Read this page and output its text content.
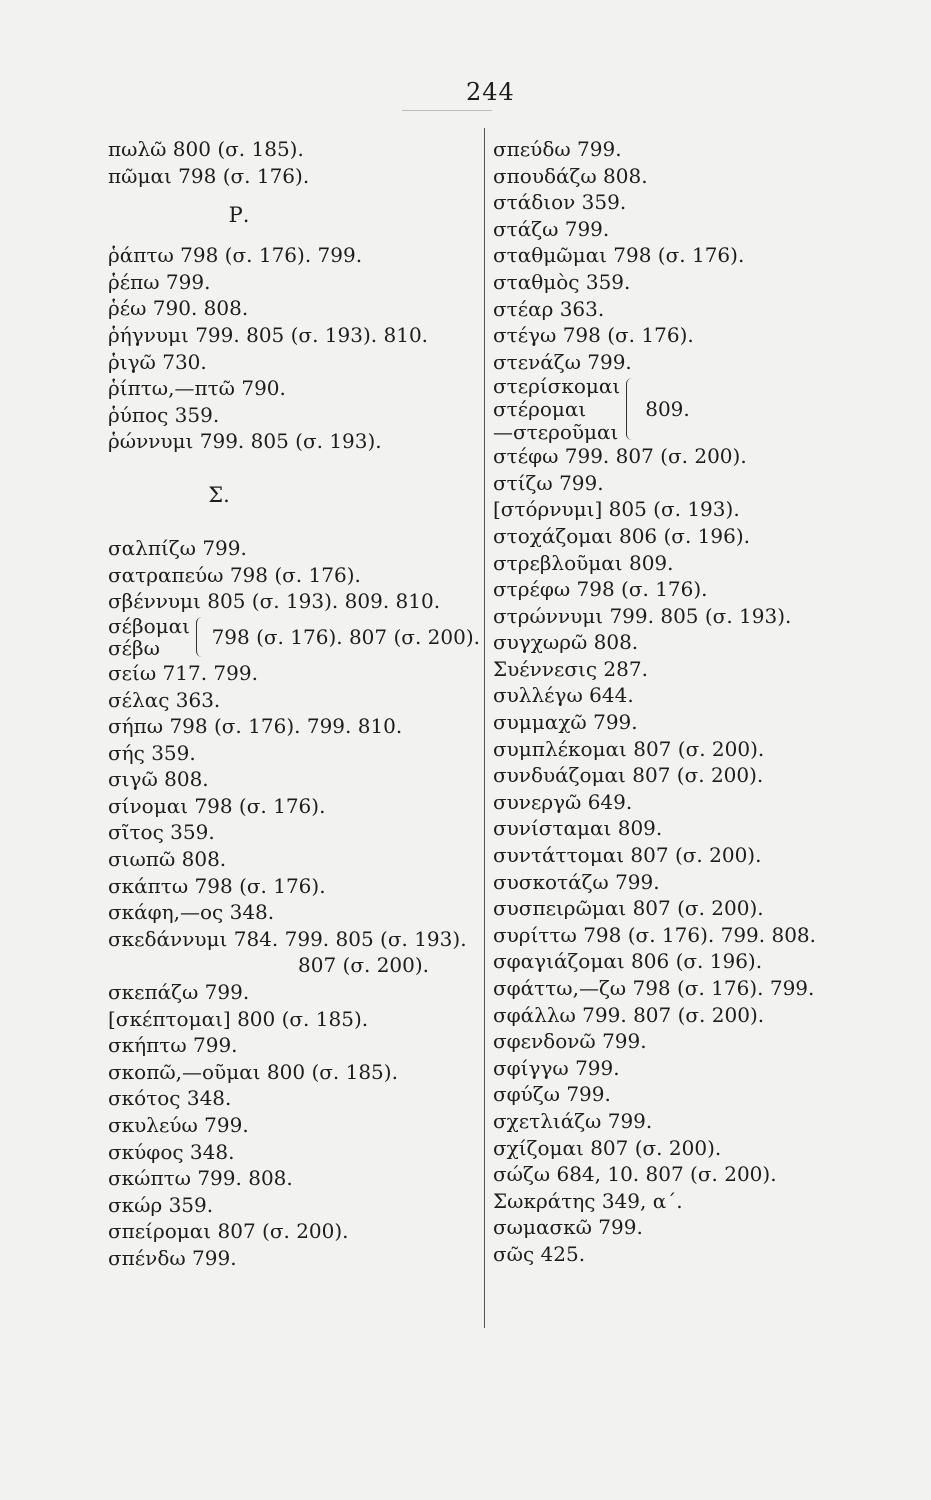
244
πωλῶ 800 (σ. 185).
πῶμαι 798 (σ. 176).
Ρ.
ῥάπτω 798 (σ. 176). 799.
ῥέπω 799.
ῥέω 790. 808.
ῥήγνυμι 799. 805 (σ. 193). 810.
ῥιγῶ 730.
ῥίπτω,—πτῶ 790.
ῥύπος 359.
ῥώννυμι 799. 805 (σ. 193).
Σ.
σαλπίζω 799.
σατραπεύω 798 (σ. 176).
σβέννυμι 805 (σ. 193). 809. 810.
σέβομαι
σέβω	798 (σ. 176). 807 (σ. 200).
σείω 717. 799.
σέλας 363.
σήπω 798 (σ. 176). 799. 810.
σής 359.
σιγῶ 808.
σίνομαι 798 (σ. 176).
σῖτος 359.
σιωπῶ 808.
σκάπτω 798 (σ. 176).
σκάφη,—ος 348.
σκεδάννυμι 784. 799. 805 (σ. 193).
807 (σ. 200).
σκεπάζω 799.
[σκέπτομαι] 800 (σ. 185).
σκήπτω 799.
σκοπῶ,—οῦμαι 800 (σ. 185).
σκότος 348.
σκυλεύω 799.
σκύφος 348.
σκώπτω 799. 808.
σκώρ 359.
σπείρομαι 807 (σ. 200).
σπένδω 799.
σπεύδω 799.
σπουδάζω 808.
στάδιον 359.
στάζω 799.
σταθμῶμαι 798 (σ. 176).
σταθμὸς 359.
στέαρ 363.
στέγω 798 (σ. 176).
στενάζω 799.
στερίσκομαι
στέρομαι
—στεροῦμαι
809.
στέφω 799. 807 (σ. 200).
στίζω 799.
[στόρνυμι] 805 (σ. 193).
στοχάζομαι 806 (σ. 196).
στρεβλοῦμαι 809.
στρέφω 798 (σ. 176).
στρώννυμι 799. 805 (σ. 193).
συγχωρῶ 808.
Συέννεσις 287.
συλλέγω 644.
συμμαχῶ 799.
συμπλέκομαι 807 (σ. 200).
συνδυάζομαι 807 (σ. 200).
συνεργῶ 649.
συνίσταμαι 809.
συντάττομαι 807 (σ. 200).
συσκοτάζω 799.
συσπειρῶμαι 807 (σ. 200).
συρίττω 798 (σ. 176). 799. 808.
σφαγιάζομαι 806 (σ. 196).
σφάττω,—ζω 798 (σ. 176). 799.
σφάλλω 799. 807 (σ. 200).
σφενδονῶ 799.
σφίγγω 799.
σφύζω 799.
σχετλιάζω 799.
σχίζομαι 807 (σ. 200).
σώζω 684, 10. 807 (σ. 200).
Σωκράτης 349, α΄.
σωμασκῶ 799.
σῶς 425.
